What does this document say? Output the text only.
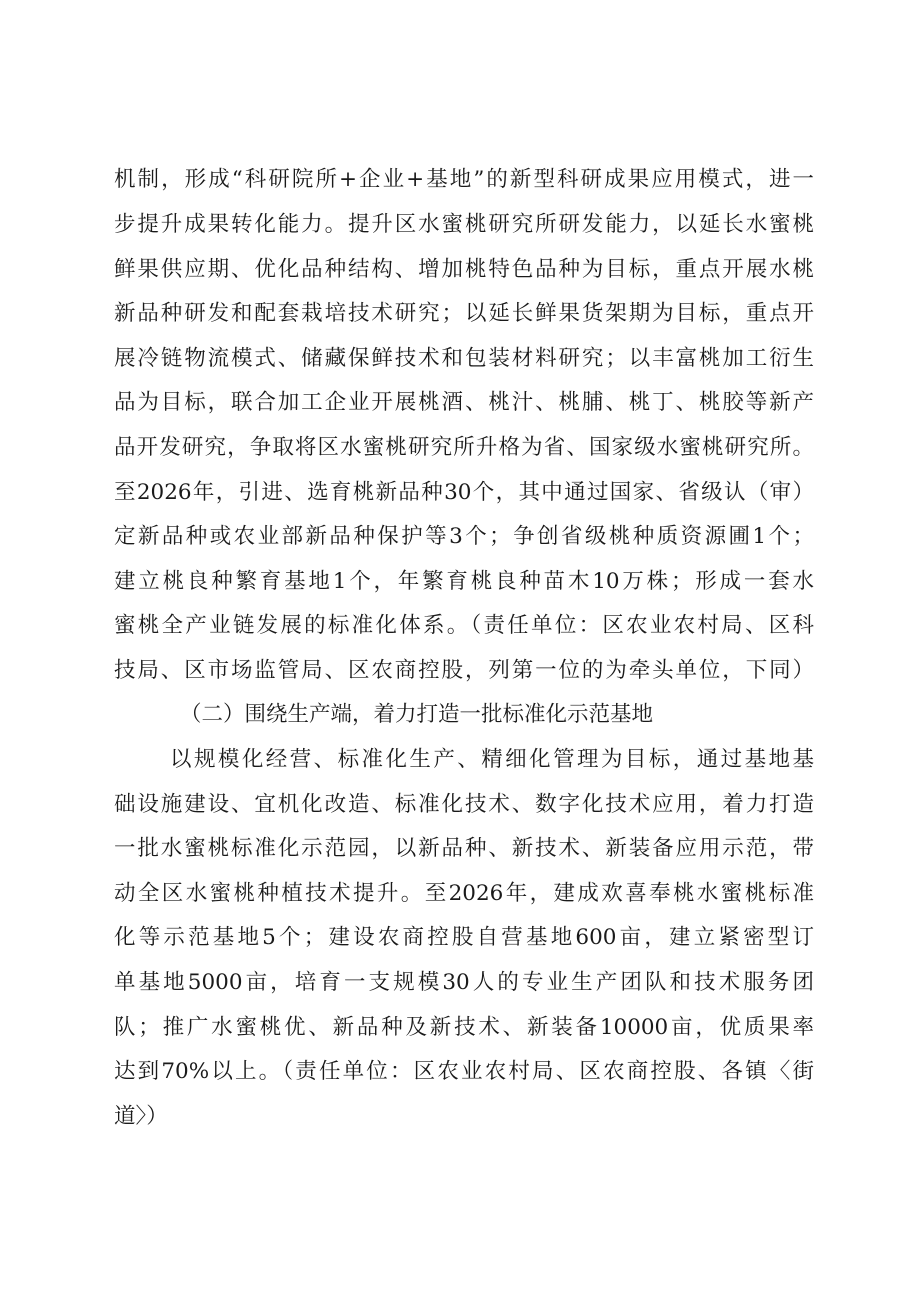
机制，形成“科研院所+企业+基地”的新型科研成果应用模式，进一
步提升成果转化能力。提升区水蜜桃研究所研发能力，以延长水蜜桃
鲜果供应期、优化品种结构、增加桃特色品种为目标，重点开展水桃
新品种研发和配套栽培技术研究；以延长鲜果货架期为目标，重点开
展冷链物流模式、储藏保鲜技术和包装材料研究；以丰富桃加工衍生
品为目标，联合加工企业开展桃酒、桃汁、桃脯、桃丁、桃胶等新产
品开发研究，争取将区水蜜桃研究所升格为省、国家级水蜜桃研究所。
至2026年，引进、选育桃新品种30个，其中通过国家、省级认（审）
定新品种或农业部新品种保护等3个；争创省级桃种质资源圃1个；
建立桃良种繁育基地1个，年繁育桃良种苗木10万株；形成一套水
蜜桃全产业链发展的标准化体系。（责任单位：区农业农村局、区科
技局、区市场监管局、区农商控股，列第一位的为牵头单位，下同）
（二）围绕生产端，着力打造一批标准化示范基地
以规模化经营、标准化生产、精细化管理为目标，通过基地基
础设施建设、宜机化改造、标准化技术、数字化技术应用，着力打造
一批水蜜桃标准化示范园，以新品种、新技术、新装备应用示范，带
动全区水蜜桃种植技术提升。至2026年，建成欢喜奉桃水蜜桃标准
化等示范基地5个；建设农商控股自营基地600亩，建立紧密型订
单基地5000亩，培育一支规模30人的专业生产团队和技术服务团
队；推广水蜜桃优、新品种及新技术、新装备10000亩，优质果率
达到70%以上。（责任单位：区农业农村局、区农商控股、各镇〈街
道〉）
